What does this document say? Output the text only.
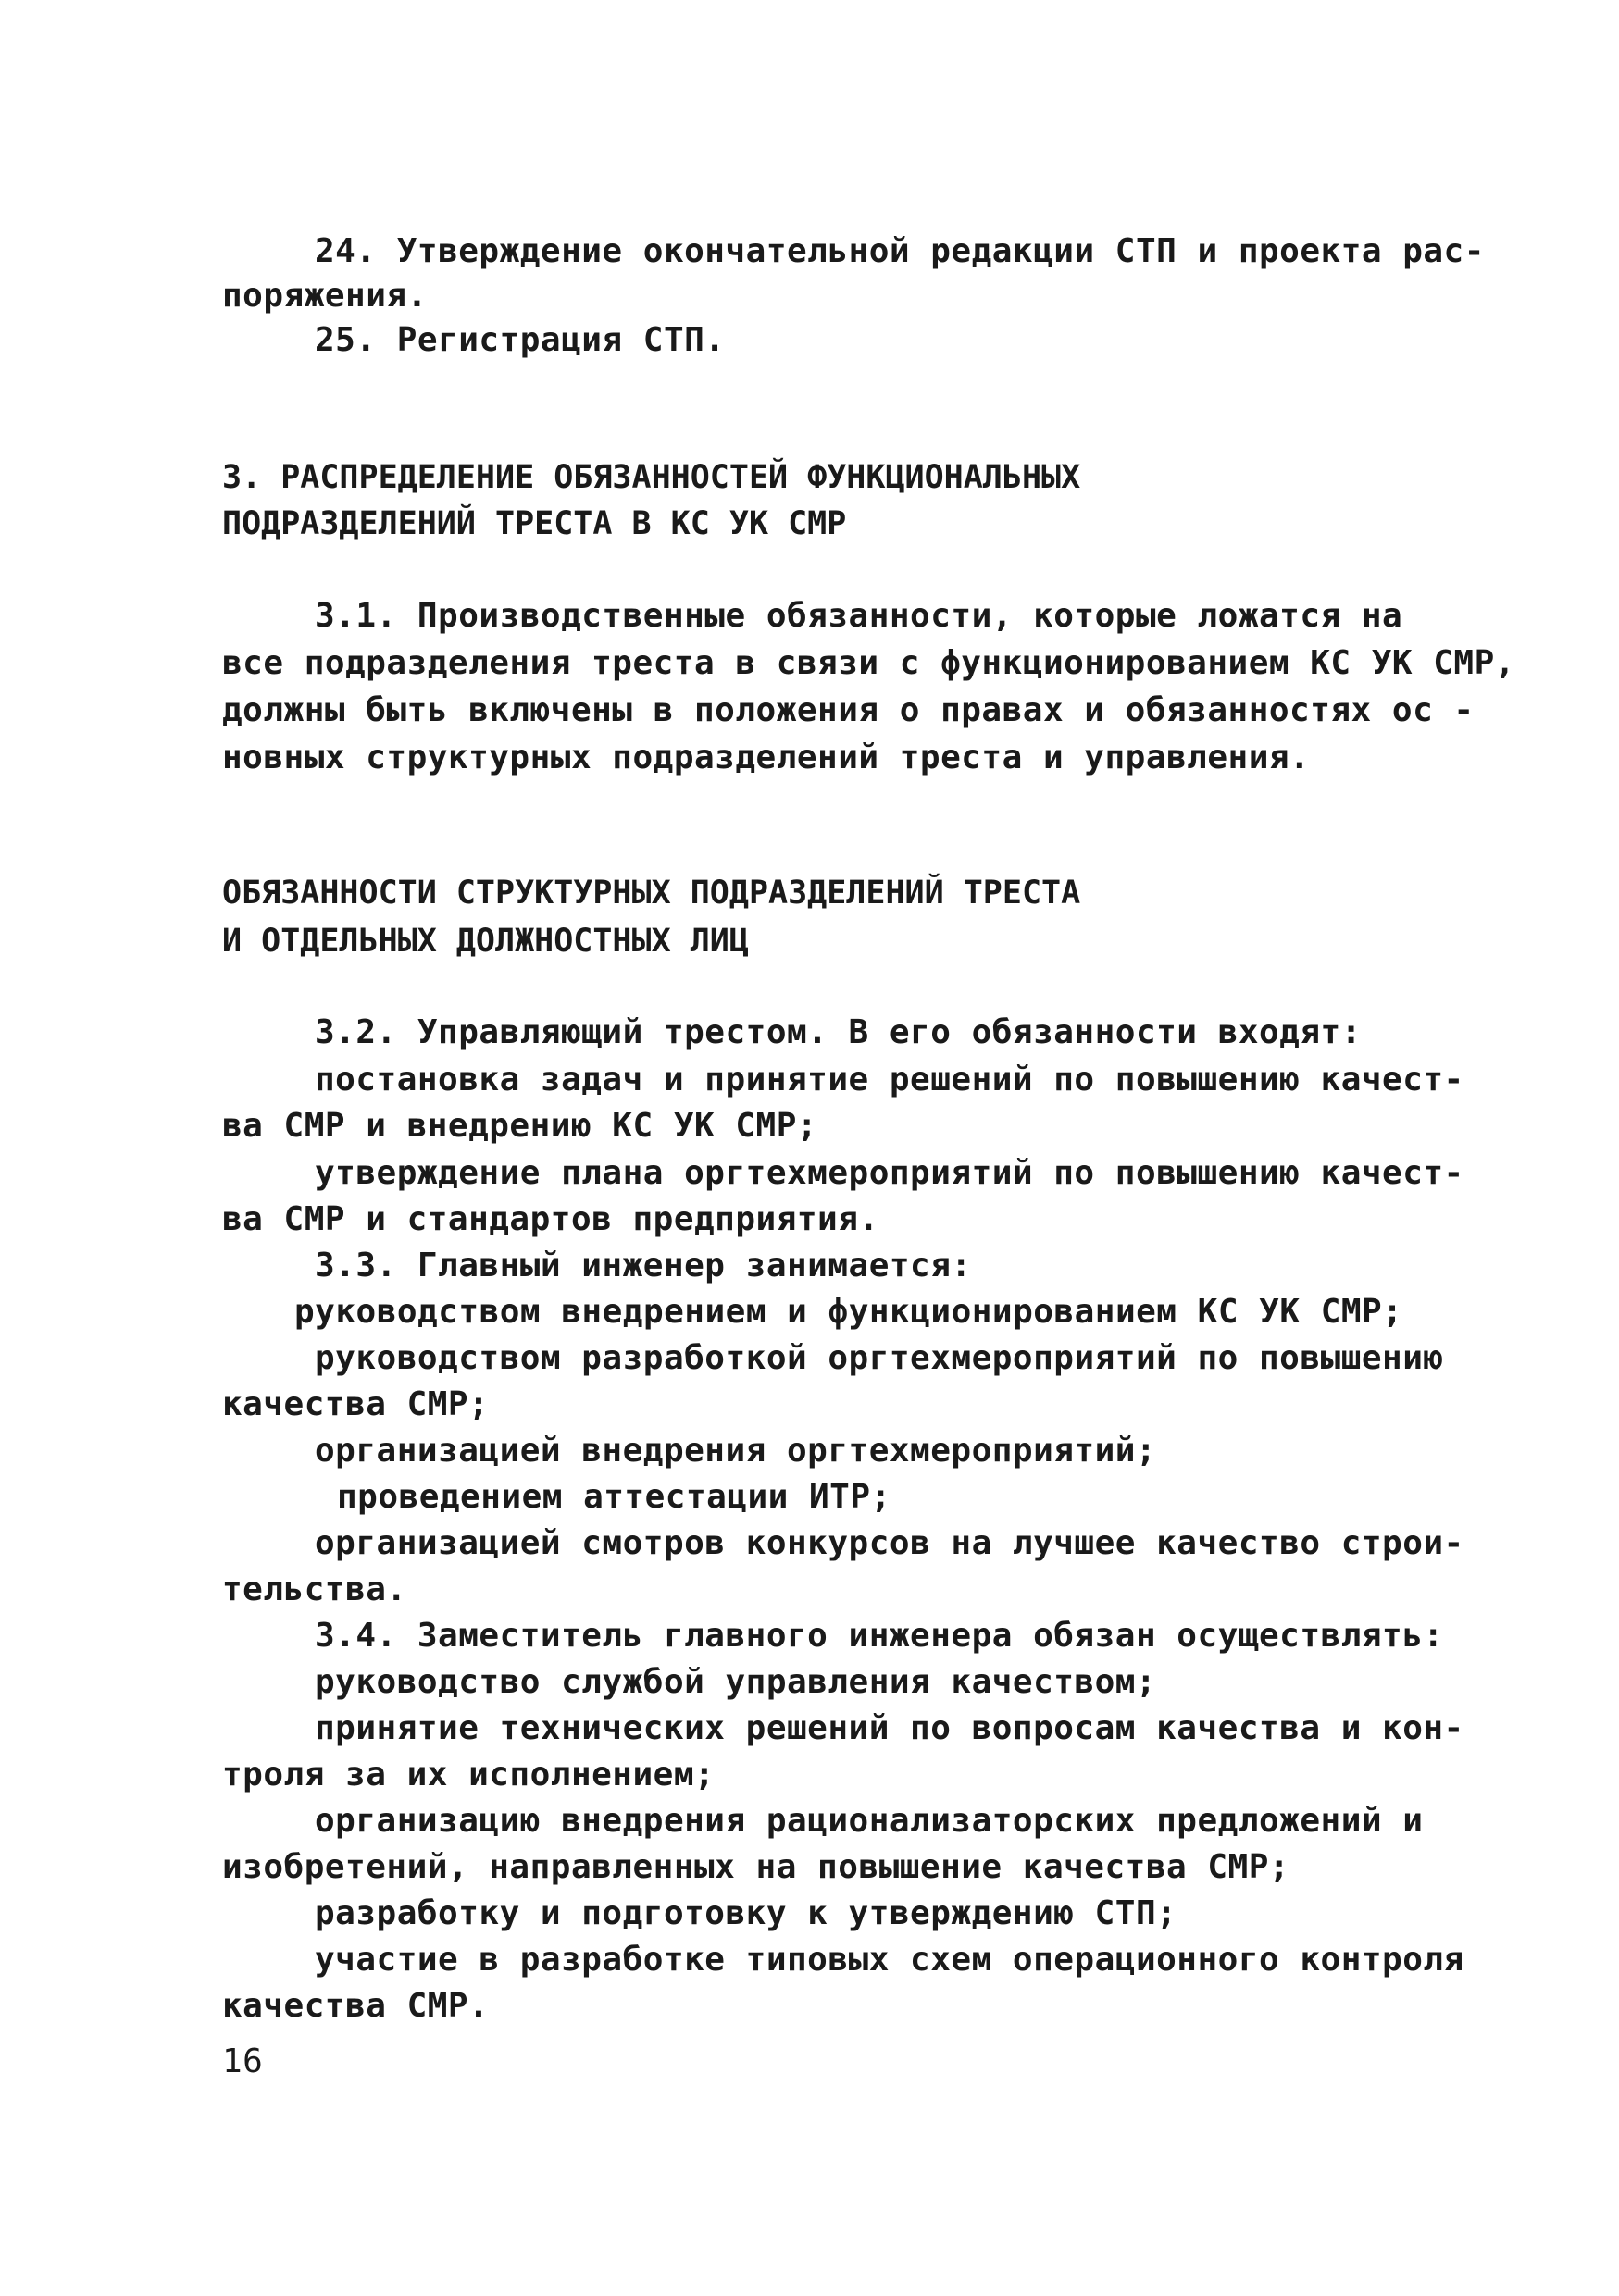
24. Утверждение окончательной редакции СТП и проекта рас-
поряжения.
25. Регистрация СТП.
3. РАСПРЕДЕЛЕНИЕ ОБЯЗАННОСТЕЙ ФУНКЦИОНАЛЬНЫХ
ПОДРАЗДЕЛЕНИЙ ТРЕСТА В КС УК СМР
3.1. Производственные обязанности, которые ложатся на
все подразделения треста в связи с функционированием КС УК СМР,
должны быть включены в положения о правах и обязанностях ос -
новных структурных подразделений треста и управления.
ОБЯЗАННОСТИ СТРУКТУРНЫХ ПОДРАЗДЕЛЕНИЙ ТРЕСТА
И ОТДЕЛЬНЫХ ДОЛЖНОСТНЫХ ЛИЦ
3.2. Управляющий трестом. В его обязанности входят:
постановка задач и принятие решений по повышению качест-
ва СМР и внедрению КС УК СМР;
утверждение плана оргтехмероприятий по повышению качест-
ва СМР и стандартов предприятия.
3.3. Главный инженер занимается:
руководством внедрением и функционированием КС УК СМР;
руководством разработкой оргтехмероприятий по повышению
качества СМР;
организацией внедрения оргтехмероприятий;
проведением аттестации ИТР;
организацией смотров конкурсов на лучшее качество строи-
тельства.
3.4. Заместитель главного инженера обязан осуществлять:
руководство службой управления качеством;
принятие технических решений по вопросам качества и кон-
троля за их исполнением;
организацию внедрения рационализаторских предложений и
изобретений, направленных на повышение качества СМР;
разработку и подготовку к утверждению СТП;
участие в разработке типовых схем операционного контроля
качества СМР.
16
